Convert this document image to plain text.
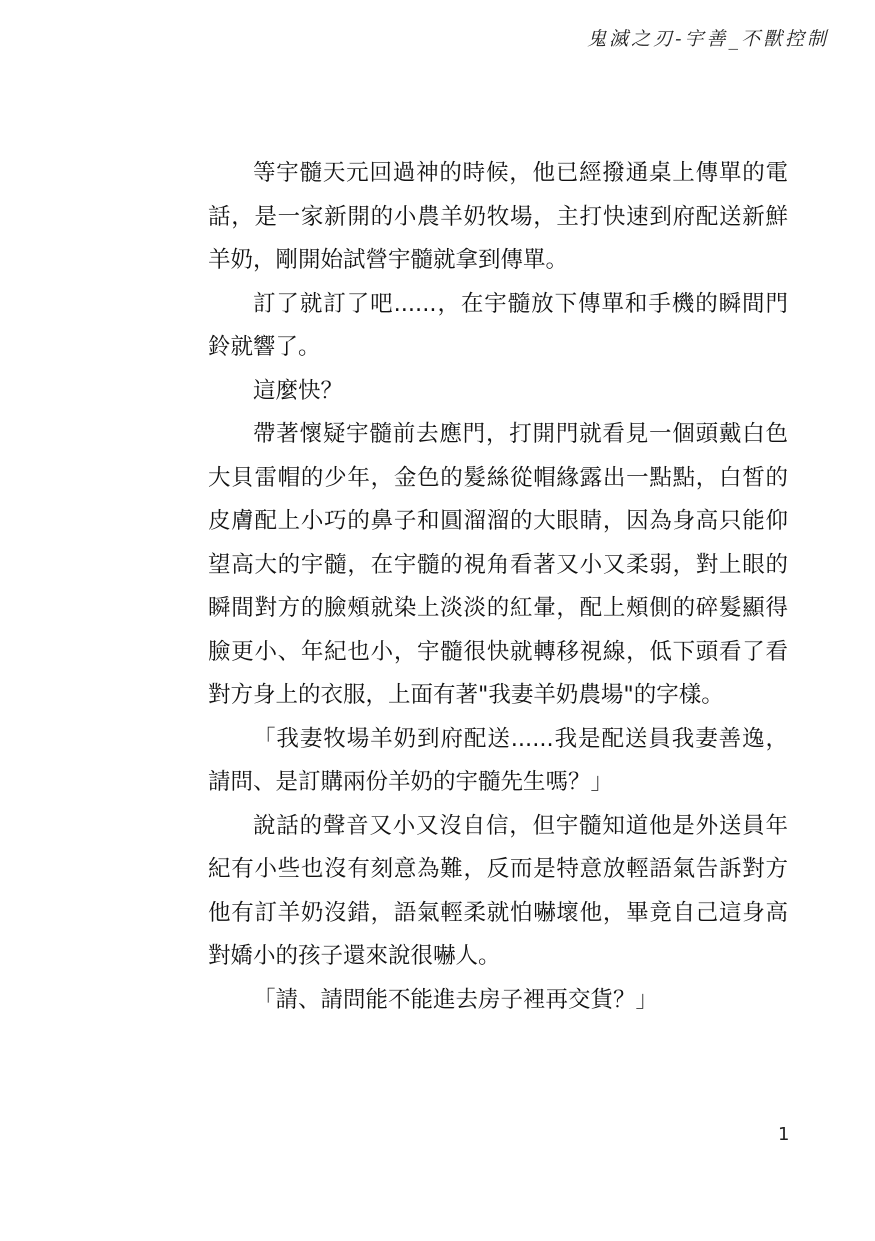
鬼滅之刃-宇善_不獸控制

等宇髓天元回過神的時候，他已經撥通桌上傳單的電話，是一家新開的小農羊奶牧場，主打快速到府配送新鮮羊奶，剛開始試營宇髓就拿到傳單。

訂了就訂了吧......，在宇髓放下傳單和手機的瞬間門鈴就響了。

這麼快？

帶著懷疑宇髓前去應門，打開門就看見一個頭戴白色大貝雷帽的少年，金色的髮絲從帽緣露出一點點，白皙的皮膚配上小巧的鼻子和圓溜溜的大眼睛，因為身高只能仰望高大的宇髓，在宇髓的視角看著又小又柔弱，對上眼的瞬間對方的臉頰就染上淡淡的紅暈，配上頰側的碎髮顯得臉更小、年紀也小，宇髓很快就轉移視線，低下頭看了看對方身上的衣服，上面有著"我妻羊奶農場"的字樣。

「我妻牧場羊奶到府配送......我是配送員我妻善逸，請問、是訂購兩份羊奶的宇髓先生嗎？」

說話的聲音又小又沒自信，但宇髓知道他是外送員年紀有小些也沒有刻意為難，反而是特意放輕語氣告訴對方他有訂羊奶沒錯，語氣輕柔就怕嚇壞他，畢竟自己這身高對嬌小的孩子還來說很嚇人。

「請、請問能不能進去房子裡再交貨？」

1
